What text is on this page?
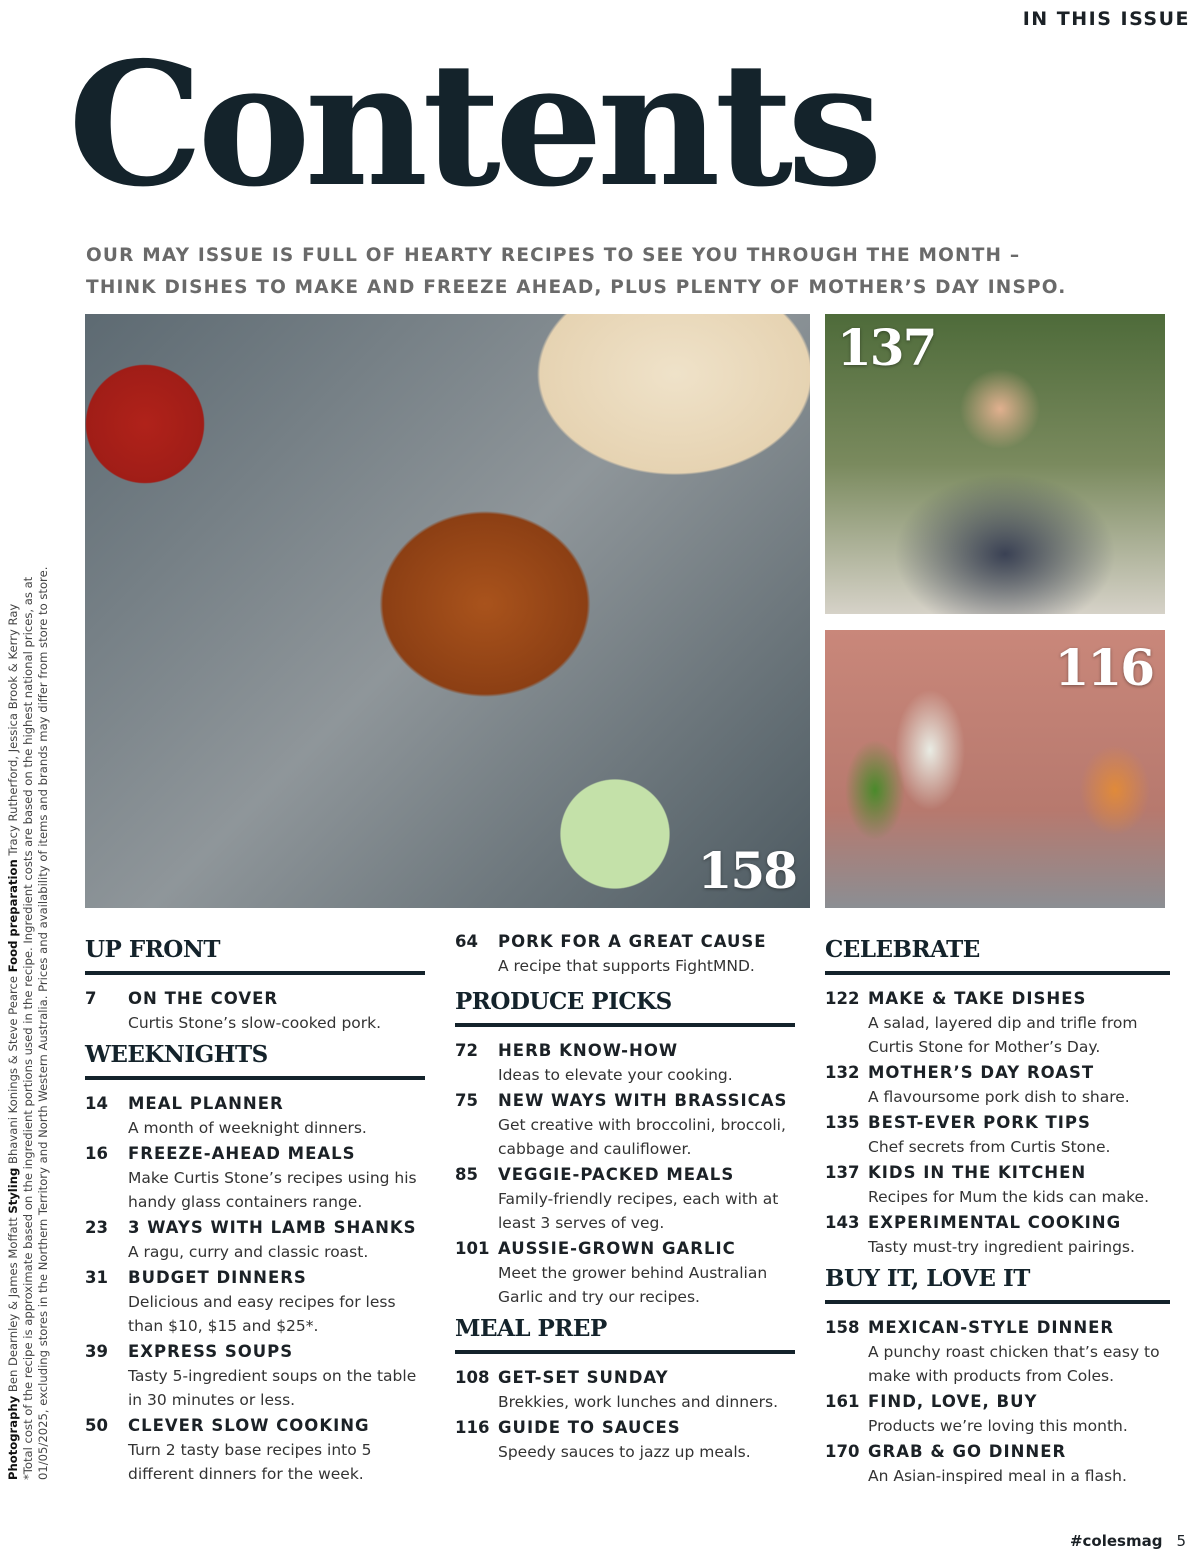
IN THIS ISSUE
Contents
OUR MAY ISSUE IS FULL OF HEARTY RECIPES TO SEE YOU THROUGH THE MONTH –
THINK DISHES TO MAKE AND FREEZE AHEAD, PLUS PLENTY OF MOTHER’S DAY INSPO.
158
137
116
UP FRONT
7	ON THE COVER
Curtis Stone’s slow-cooked pork.
WEEKNIGHTS
14	MEAL PLANNER
A month of weeknight dinners.
16	FREEZE-AHEAD MEALS
Make Curtis Stone’s recipes using his handy glass containers range.
23	3 WAYS WITH LAMB SHANKS
A ragu, curry and classic roast.
31	BUDGET DINNERS
Delicious and easy recipes for less than $10, $15 and $25*.
39	EXPRESS SOUPS
Tasty 5-ingredient soups on the table in 30 minutes or less.
50	CLEVER SLOW COOKING
Turn 2 tasty base recipes into 5 different dinners for the week.
64	PORK FOR A GREAT CAUSE
A recipe that supports FightMND.
PRODUCE PICKS
72	HERB KNOW-HOW
Ideas to elevate your cooking.
75	NEW WAYS WITH BRASSICAS
Get creative with broccolini, broccoli, cabbage and cauliflower.
85	VEGGIE-PACKED MEALS
Family-friendly recipes, each with at least 3 serves of veg.
101 AUSSIE-GROWN GARLIC
Meet the grower behind Australian Garlic and try our recipes.
MEAL PREP
108 GET-SET SUNDAY
Brekkies, work lunches and dinners.
116 GUIDE TO SAUCES
Speedy sauces to jazz up meals.
CELEBRATE
122 MAKE & TAKE DISHES
A salad, layered dip and trifle from Curtis Stone for Mother’s Day.
132 MOTHER’S DAY ROAST
A flavoursome pork dish to share.
135 BEST-EVER PORK TIPS
Chef secrets from Curtis Stone.
137 KIDS IN THE KITCHEN
Recipes for Mum the kids can make.
143 EXPERIMENTAL COOKING
Tasty must-try ingredient pairings.
BUY IT, LOVE IT
158 MEXICAN-STYLE DINNER
A punchy roast chicken that’s easy to make with products from Coles.
161 FIND, LOVE, BUY
Products we’re loving this month.
170 GRAB & GO DINNER
An Asian-inspired meal in a flash.
Photography Ben Dearnley & James Moffatt Styling Bhavani Konings & Steve Pearce Food preparation Tracy Rutherford, Jessica Brook & Kerry Ray *Total cost of the recipe is approximate based on the ingredient portions used in the recipe. Ingredient costs are based on the highest national prices, as at 01/05/2025, excluding stores in the Northern Territory and North Western Australia. Prices and availability of items and brands may differ from store to store.
#colesmag 5
